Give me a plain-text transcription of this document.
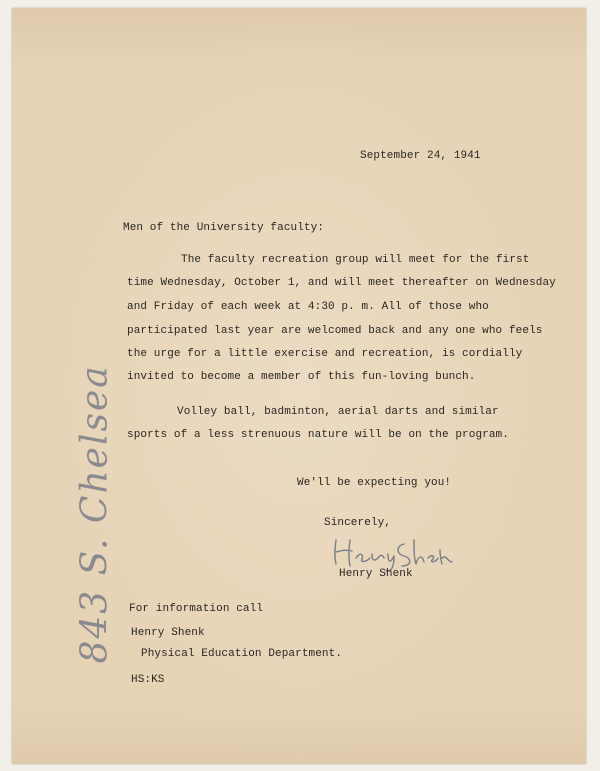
September 24, 1941
Men of the University faculty:
The faculty recreation group will meet for the first
time Wednesday, October 1, and will meet thereafter on Wednesday
and Friday of each week at 4:30 p. m. All of those who
participated last year are welcomed back and any one who feels
the urge for a little exercise and recreation, is cordially
invited to become a member of this fun-loving bunch.
Volley ball, badminton, aerial darts and similar
sports of a less strenuous nature will be on the program.
We'll be expecting you!
Sincerely,
Henry Shenk
For information call
Henry Shenk
Physical Education Department.
HS:KS
843 S. Chelsea
